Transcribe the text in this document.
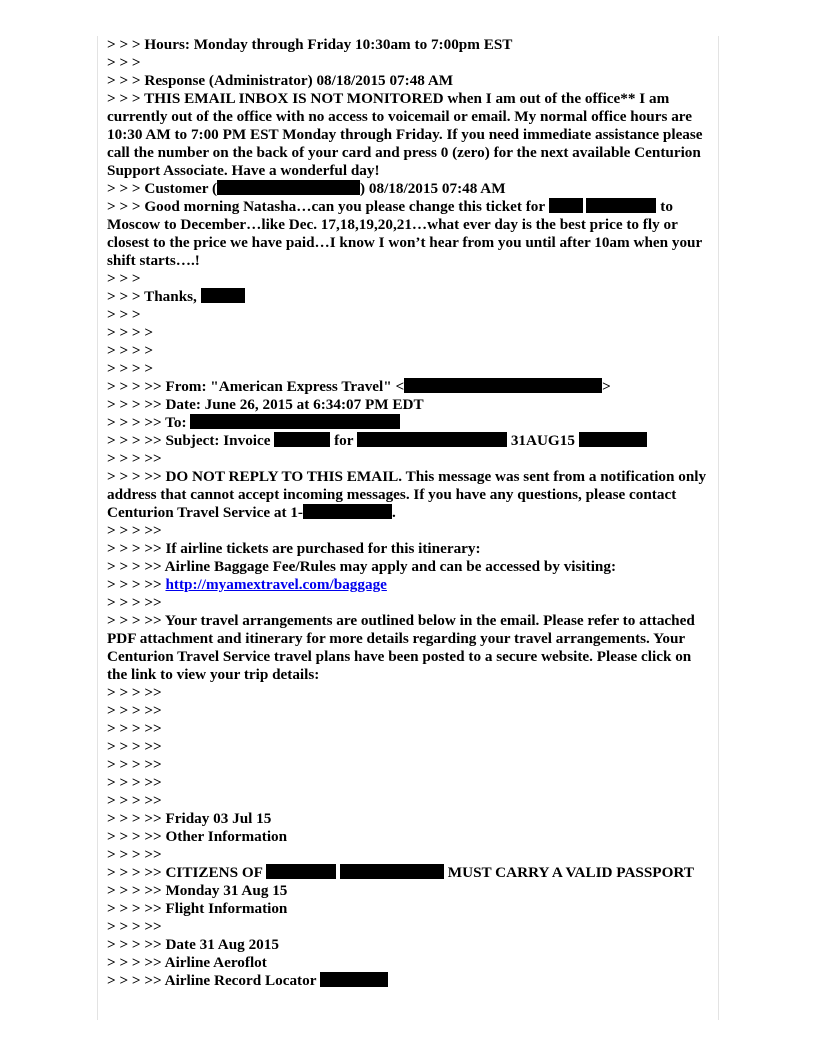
> > > Hours: Monday through Friday 10:30am to 7:00pm EST
> > >
> > > Response (Administrator) 08/18/2015 07:48 AM
> > > THIS EMAIL INBOX IS NOT MONITORED when I am out of the office** I am currently out of the office with no access to voicemail or email. My normal office hours are 10:30 AM to 7:00 PM EST Monday through Friday. If you need immediate assistance please call the number on the back of your card and press 0 (zero) for the next available Centurion Support Associate. Have a wonderful day!
> > > Customer (	) 08/18/2015 07:48 AM
> > > Good morning Natasha…can you please change this ticket for	to Moscow to December…like Dec. 17,18,19,20,21…what ever day is the best price to fly or closest to the price we have paid…I know I won’t hear from you until after 10am when your shift starts….!
> > >
> > > Thanks,
> > >
> > > >
> > > >
> > > >
> > > >> From: "American Express Travel" <	>
> > > >> Date: June 26, 2015 at 6:34:07 PM EDT
> > > >> To:
> > > >> Subject: Invoice	for	31AUG15
> > > >>
> > > >> DO NOT REPLY TO THIS EMAIL. This message was sent from a notification only address that cannot accept incoming messages. If you have any questions, please contact Centurion Travel Service at 1-	.
> > > >>
> > > >> If airline tickets are purchased for this itinerary:
> > > >> Airline Baggage Fee/Rules may apply and can be accessed by visiting:
> > > >> http://myamextravel.com/baggage
> > > >>
> > > >> Your travel arrangements are outlined below in the email. Please refer to attached PDF attachment and itinerary for more details regarding your travel arrangements. Your Centurion Travel Service travel plans have been posted to a secure website. Please click on the link to view your trip details:
> > > >>
> > > >>
> > > >>
> > > >>
> > > >>
> > > >>
> > > >>
> > > >> Friday 03 Jul 15
> > > >> Other Information
> > > >>
> > > >> CITIZENS OF	MUST CARRY A VALID PASSPORT
> > > >> Monday 31 Aug 15
> > > >> Flight Information
> > > >>
> > > >> Date 31 Aug 2015
> > > >> Airline Aeroflot
> > > >> Airline Record Locator
